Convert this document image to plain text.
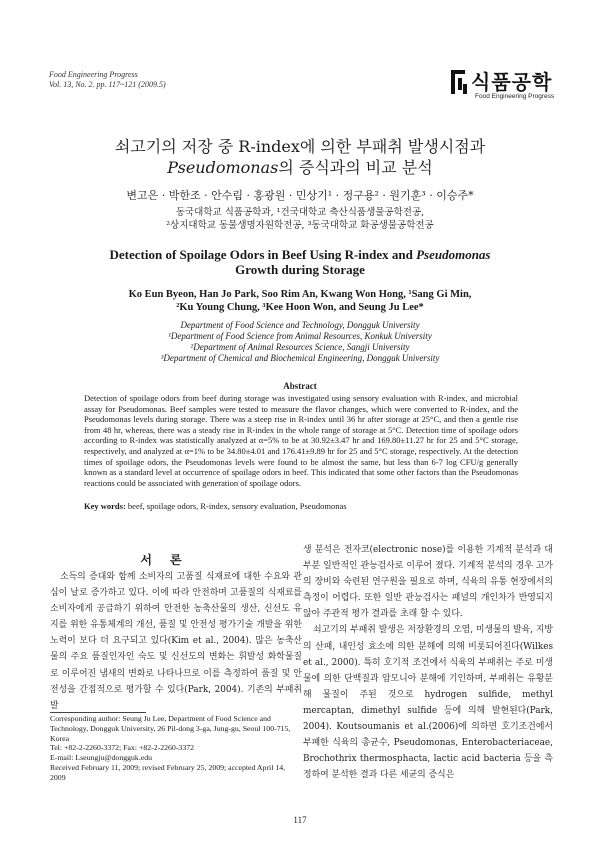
Food Engineering Progress
Vol. 13, No. 2. pp. 117~121 (2009.5)	식품공학
Food Engineering Progress
쇠고기의 저장 중 R-index에 의한 부패취 발생시점과
Pseudomonas의 증식과의 비교 분석
변고은 · 박한조 · 안수림 · 홍광원 · 민상기¹ · 정구용² · 원기훈³ · 이승주*
동국대학교 식품공학과, ¹건국대학교 축산식품생물공학전공,
²상지대학교 동물생명자원학전공, ³동국대학교 화공생물공학전공
Detection of Spoilage Odors in Beef Using R-index and Pseudomonas
Growth during Storage
Ko Eun Byeon, Han Jo Park, Soo Rim An, Kwang Won Hong, ¹Sang Gi Min,
²Ku Young Chung, ³Kee Hoon Won, and Seung Ju Lee*
Department of Food Science and Technology, Dongguk University
¹Department of Food Science from Animal Resources, Konkuk University
²Department of Animal Resources Science, Sangji University
³Department of Chemical and Biochemical Engineering, Dongguk University
Abstract
Detection of spoilage odors from beef during storage was investigated using sensory evaluation with R-index, and microbial assay for Pseudomonas. Beef samples were tested to measure the flavor changes, which were converted to R-index, and the Pseudomonas levels during storage. There was a steep rise in R-index until 36 hr after storage at 25°C, and then a gentle rise from 48 hr, whereas, there was a steady rise in R-index in the whole range of storage at 5°C. Detection time of spoilage odors according to R-index was statistically analyzed at α=5% to be at 30.92±3.47 hr and 169.80±11.27 hr for 25 and 5°C storage, respectively, and analyzed at α=1% to be 34.80±4.01 and 176.41±9.89 hr for 25 and 5°C storage, respectively. At the detection times of spoilage odors, the Pseudomonas levels were found to be almost the same, but less than 6-7 log CFU/g generally known as a standard level at occurrence of spoilage odors in beef. This indicated that some other factors than the Pseudomonas reactions could be associated with generation of spoilage odors.
Key words: beef, spoilage odors, R-index, sensory evaluation, Pseudomonas
서론
소득의 증대와 함께 소비자의 고품질 식재료에 대한 수요와 관심이 날로 증가하고 있다. 이에 따라 안전하며 고품질의 식재료를 소비자에게 공급하기 위하여 안전한 농축산물의 생산, 신선도 유지를 위한 유통체계의 개선, 품질 및 안전성 평가기술 개발을 위한 노력이 보다 더 요구되고 있다(Kim et al., 2004). 많은 농축산물의 주요 품질인자인 숙도 및 신선도의 변화는 휘발성 화학물질로 이루어진 냄새의 변화로 나타나므로 이를 측정하여 품질 및 안전성을 간접적으로 평가할 수 있다(Park, 2004). 기존의 부패취 발

생 분석은 전자코(electronic nose)를 이용한 기계적 분석과 대부분 일반적인 관능검사로 이루어 졌다. 기계적 분석의 경우 고가의 장비와 숙련된 연구원을 필요로 하며, 식육의 유통 현장에서의 측정이 어렵다. 또한 일반 관능검사는 패널의 개인차가 반영되지 않아 주관적 평가 결과를 초래 할 수 있다.

쇠고기의 부패취 발생은 저장환경의 오염, 미생물의 발육, 지방의 산패, 내인성 효소에 의한 분해에 의해 비롯되어진다(Wilkes et al., 2000). 특히 호기적 조건에서 식육의 부패취는 주로 미생물에 의한 단백질과 암모니아 분해에 기인하며, 부패취는 유황분해 물질이 주된 것으로 hydrogen sulfide, methyl mercaptan, dimethyl sulfide 등에 의해 발현된다(Park, 2004). Koutsoumanis et al.(2006)에 의하면 호기조건에서 부패한 식육의 총균수, Pseudomonas, Enterobacteriaceae, Brochothrix thermosphacta, lactic acid bacteria 등을 측정하여 분석한 결과 다른 세균의 증식은

Corresponding author: Seung Ju Lee, Department of Food Science and Technology, Dongguk University, 26 Pil-dong 3-ga, Jung-gu, Seoul 100-715, Korea
Tel: +82-2-2260-3372; Fax: +82-2-2260-3372
E-mail: Lseungju@dongguk.edu
Received February 11, 2009; revised February 25, 2009; accepted April 14, 2009
117
